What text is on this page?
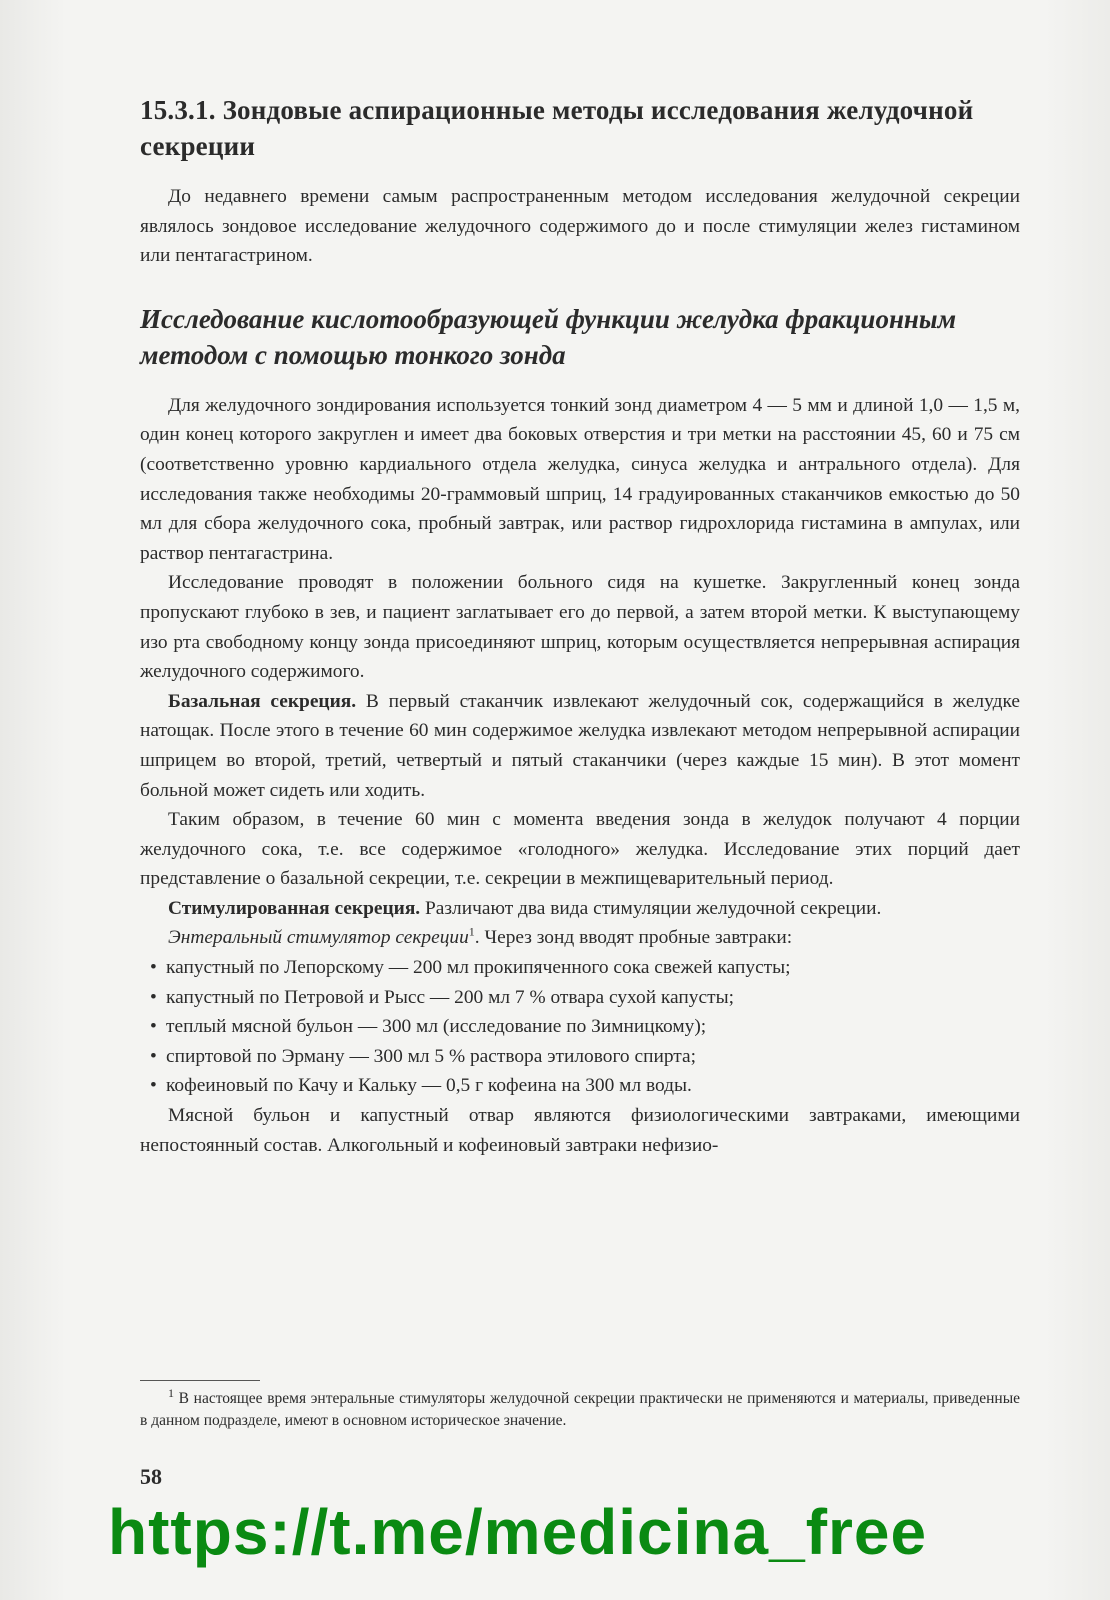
15.3.1. Зондовые аспирационные методы исследования желудочной секреции

До недавнего времени самым распространенным методом исследования желудочной секреции являлось зондовое исследование желудочного содержимого до и после стимуляции желез гистамином или пентагастрином.

Исследование кислотообразующей функции желудка фракционным методом с помощью тонкого зонда

Для желудочного зондирования используется тонкий зонд диаметром 4 — 5 мм и длиной 1,0 — 1,5 м, один конец которого закруглен и имеет два боковых отверстия и три метки на расстоянии 45, 60 и 75 см (соответственно уровню кардиального отдела желудка, синуса желудка и антрального отдела). Для исследования также необходимы 20-граммовый шприц, 14 градуированных стаканчиков емкостью до 50 мл для сбора желудочного сока, пробный завтрак, или раствор гидрохлорида гистамина в ампулах, или раствор пентагастрина.

Исследование проводят в положении больного сидя на кушетке. Закругленный конец зонда пропускают глубоко в зев, и пациент заглатывает его до первой, а затем второй метки. К выступающему изо рта свободному концу зонда присоединяют шприц, которым осуществляется непрерывная аспирация желудочного содержимого.

Базальная секреция. В первый стаканчик извлекают желудочный сок, содержащийся в желудке натощак. После этого в течение 60 мин содержимое желудка извлекают методом непрерывной аспирации шприцем во второй, третий, четвертый и пятый стаканчики (через каждые 15 мин). В этот момент больной может сидеть или ходить.

Таким образом, в течение 60 мин с момента введения зонда в желудок получают 4 порции желудочного сока, т.е. все содержимое «голодного» желудка. Исследование этих порций дает представление о базальной секреции, т.е. секреции в межпищеварительный период.

Стимулированная секреция. Различают два вида стимуляции желудочной секреции.

Энтеральный стимулятор секреции$^1$. Через зонд вводят пробные завтраки:

• капустный по Лепорскому — 200 мл прокипяченного сока свежей капусты;
• капустный по Петровой и Рысс — 200 мл 7 % отвара сухой капусты;
• теплый мясной бульон — 300 мл (исследование по Зимницкому);
• спиртовой по Эрману — 300 мл 5 % раствора этилового спирта;
• кофеиновый по Качу и Кальку — 0,5 г кофеина на 300 мл воды.

Мясной бульон и капустный отвар являются физиологическими завтраками, имеющими непостоянный состав. Алкогольный и кофеиновый завтраки нефизио-

$^1$ В настоящее время энтеральные стимуляторы желудочной секреции практически не применяются и материалы, приведенные в данном подразделе, имеют в основном историческое значение.
58
https://t.me/medicina_free
